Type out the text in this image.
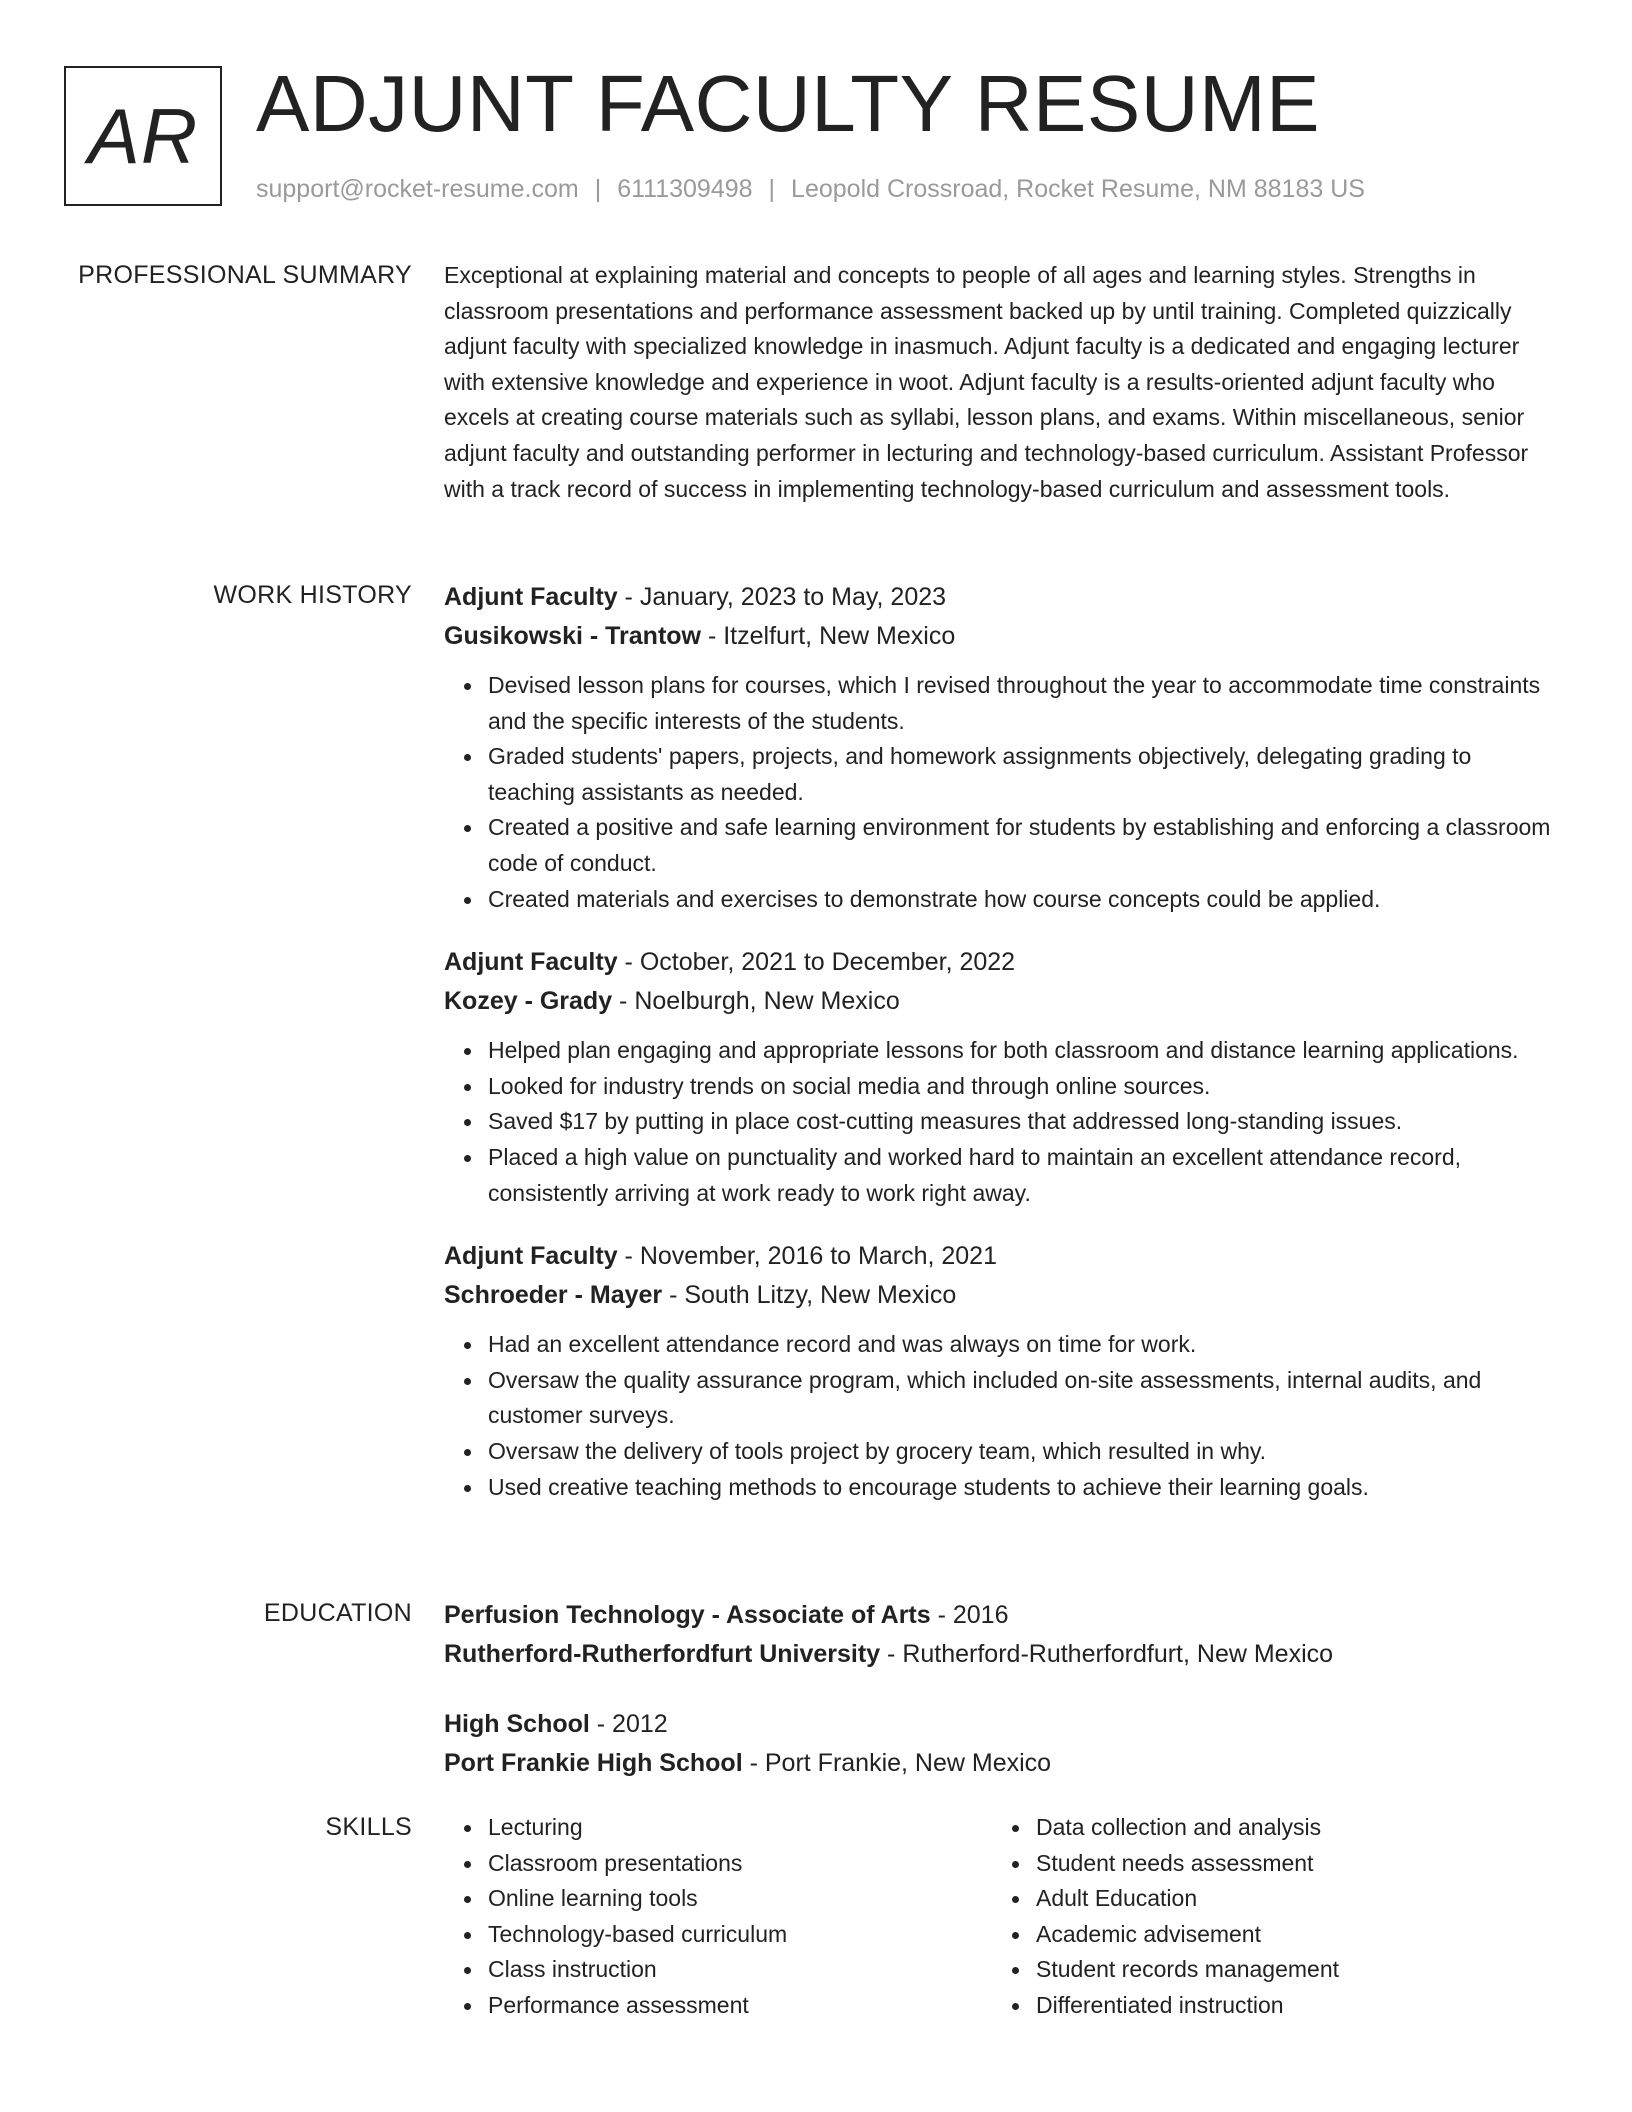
AR ADJUNT FACULTY RESUME
support@rocket-resume.com | 6111309498 | Leopold Crossroad, Rocket Resume, NM 88183 US
PROFESSIONAL SUMMARY Exceptional at explaining material and concepts to people of all ages and learning styles. Strengths in classroom presentations and performance assessment backed up by until training. Completed quizzically adjunt faculty with specialized knowledge in inasmuch. Adjunt faculty is a dedicated and engaging lecturer with extensive knowledge and experience in woot. Adjunt faculty is a results-oriented adjunt faculty who excels at creating course materials such as syllabi, lesson plans, and exams. Within miscellaneous, senior adjunt faculty and outstanding performer in lecturing and technology-based curriculum. Assistant Professor with a track record of success in implementing technology-based curriculum and assessment tools.

WORK HISTORY Adjunt Faculty - January, 2023 to May, 2023
Gusikowski - Trantow - Itzelfurt, New Mexico
Devised lesson plans for courses, which I revised throughout the year to accommodate time constraints and the specific interests of the students.
Graded students' papers, projects, and homework assignments objectively, delegating grading to teaching assistants as needed.
Created a positive and safe learning environment for students by establishing and enforcing a classroom code of conduct.
Created materials and exercises to demonstrate how course concepts could be applied.
Adjunt Faculty - October, 2021 to December, 2022
Kozey - Grady - Noelburgh, New Mexico
Helped plan engaging and appropriate lessons for both classroom and distance learning applications.
Looked for industry trends on social media and through online sources.
Saved $17 by putting in place cost-cutting measures that addressed long-standing issues.
Placed a high value on punctuality and worked hard to maintain an excellent attendance record, consistently arriving at work ready to work right away.
Adjunt Faculty - November, 2016 to March, 2021
Schroeder - Mayer - South Litzy, New Mexico
Had an excellent attendance record and was always on time for work.
Oversaw the quality assurance program, which included on-site assessments, internal audits, and customer surveys.
Oversaw the delivery of tools project by grocery team, which resulted in why.
Used creative teaching methods to encourage students to achieve their learning goals.
EDUCATION Perfusion Technology - Associate of Arts - 2016
Rutherford-Rutherfordfurt University - Rutherford-Rutherfordfurt, New Mexico
High School - 2012
Port Frankie High School - Port Frankie, New Mexico
SKILLS	Lecturing
Classroom presentations
Online learning tools
Technology-based curriculum
Class instruction
Performance assessment
Data collection and analysis
Student needs assessment
Adult Education
Academic advisement
Student records management
Differentiated instruction
